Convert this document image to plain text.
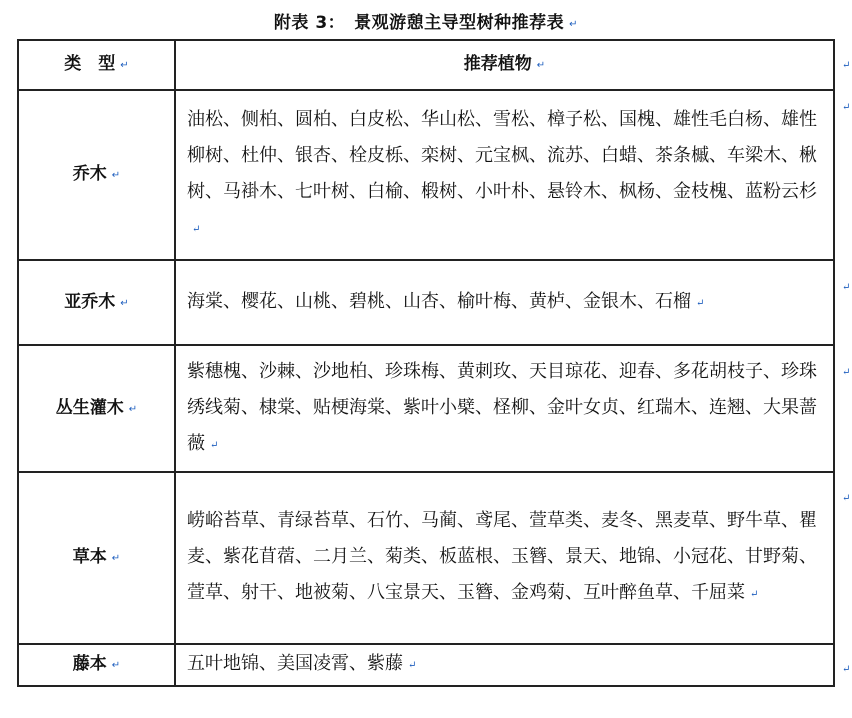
附表 3：　景观游憩主导型树种推荐表 ↵
类　型 ↵	推荐植物 ↵
乔木 ↵	油松、侧柏、圆柏、白皮松、华山松、雪松、樟子松、国槐、雄性毛白杨、雄性柳树、杜仲、银杏、栓皮栎、栾树、元宝枫、流苏、白蜡、茶条槭、车梁木、楸树、马褂木、七叶树、白榆、椴树、小叶朴、悬铃木、枫杨、金枝槐、蓝粉云杉↵
亚乔木 ↵	海棠、樱花、山桃、碧桃、山杏、榆叶梅、黄栌、金银木、石榴 ↵
丛生灌木 ↵	紫穗槐、沙棘、沙地柏、珍珠梅、黄刺玫、天目琼花、迎春、多花胡枝子、珍珠绣线菊、棣棠、贴梗海棠、紫叶小檗、柽柳、金叶女贞、红瑞木、连翘、大果蔷薇 ↵
草本 ↵	崂峪苔草、青绿苔草、石竹、马蔺、鸢尾、萱草类、麦冬、黑麦草、野牛草、瞿麦、紫花苜蓿、二月兰、菊类、板蓝根、玉簪、景天、地锦、小冠花、甘野菊、萱草、射干、地被菊、八宝景天、玉簪、金鸡菊、互叶醉鱼草、千屈菜 ↵
藤本 ↵	五叶地锦、美国凌霄、紫藤 ↵
↵
↵
↵
↵
↵
↵
